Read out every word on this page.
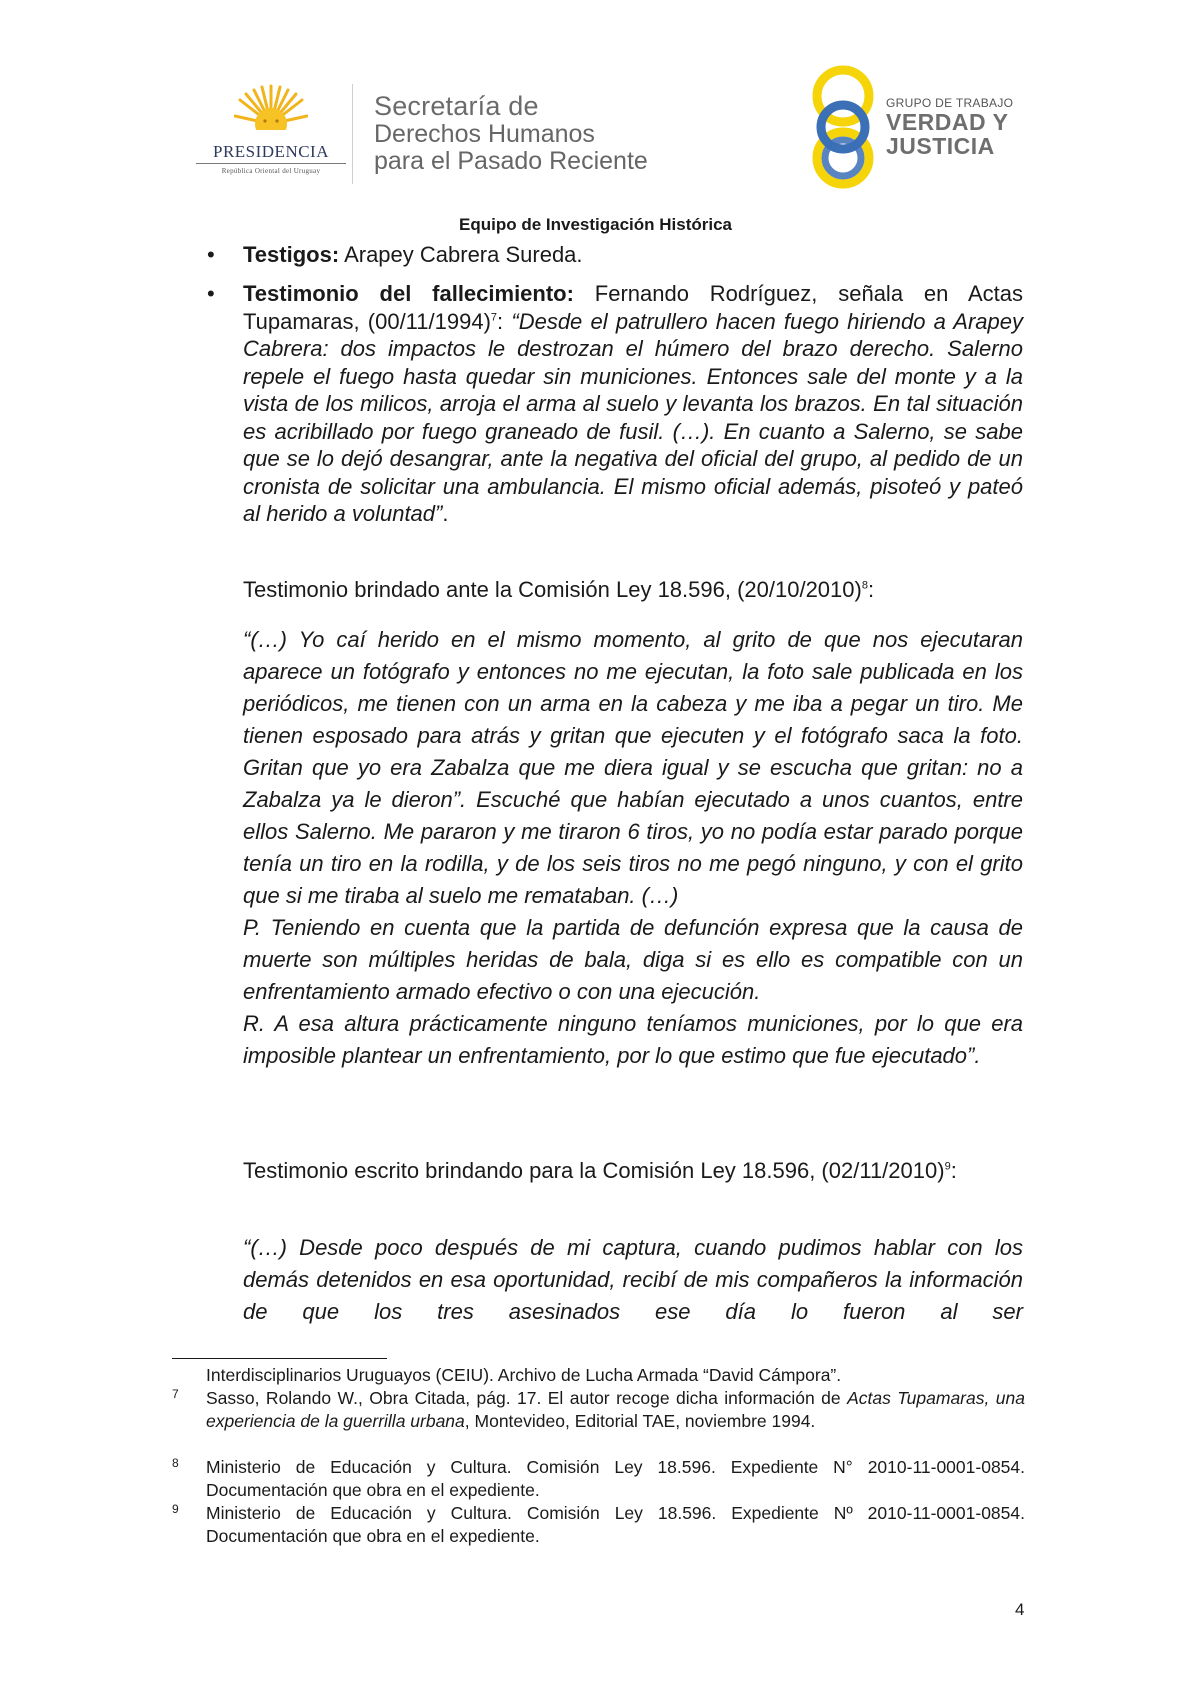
PRESIDENCIA
República Oriental del Uruguay
Secretaría de
Derechos Humanos
para el Pasado Reciente
GRUPO DE TRABAJO
VERDAD Y
JUSTICIA
Equipo de Investigación Histórica
• Testigos: Arapey Cabrera Sureda.
• Testimonio del fallecimiento: Fernando Rodríguez, señala en Actas Tupamaras, $(00/11/1994)^7$: “Desde el patrullero hacen fuego hiriendo a Arapey Cabrera: dos impactos le destrozan el húmero del brazo derecho. Salerno repele el fuego hasta quedar sin municiones. Entonces sale del monte y a la vista de los milicos, arroja el arma al suelo y levanta los brazos. En tal situación es acribillado por fuego graneado de fusil. (…). En cuanto a Salerno, se sabe que se lo dejó desangrar, ante la negativa del oficial del grupo, al pedido de un cronista de solicitar una ambulancia. El mismo oficial además, pisoteó y pateó al herido a voluntad”.
Testimonio brindado ante la Comisión Ley 18.596, $(20/10/2010)^8$:

“(…) Yo caí herido en el mismo momento, al grito de que nos ejecutaran aparece un fotógrafo y entonces no me ejecutan, la foto sale publicada en los periódicos, me tienen con un arma en la cabeza y me iba a pegar un tiro. Me tienen esposado para atrás y gritan que ejecuten y el fotógrafo saca la foto. Gritan que yo era Zabalza que me diera igual y se escucha que gritan: no a Zabalza ya le dieron”. Escuché que habían ejecutado a unos cuantos, entre ellos Salerno. Me pararon y me tiraron 6 tiros, yo no podía estar parado porque tenía un tiro en la rodilla, y de los seis tiros no me pegó ninguno, y con el grito que si me tiraba al suelo me remataban. (…)

P. Teniendo en cuenta que la partida de defunción expresa que la causa de muerte son múltiples heridas de bala, diga si es ello es compatible con un enfrentamiento armado efectivo o con una ejecución.

R. A esa altura prácticamente ninguno teníamos municiones, por lo que era imposible plantear un enfrentamiento, por lo que estimo que fue ejecutado”.

Testimonio escrito brindando para la Comisión Ley 18.596, $(02/11/2010)^9$:

“(…) Desde poco después de mi captura, cuando pudimos hablar con los demás detenidos en esa oportunidad, recibí de mis compañeros la información de que los tres asesinados ese día lo fueron al ser

Interdisciplinarios Uruguayos (CEIU). Archivo de Lucha Armada “David Cámpora”.
7 Sasso, Rolando W., Obra Citada, pág. 17. El autor recoge dicha información de Actas Tupamaras, una experiencia de la guerrilla urbana, Montevideo, Editorial TAE, noviembre 1994.
8 Ministerio de Educación y Cultura. Comisión Ley 18.596. Expediente N° 2010-11-0001-0854. Documentación que obra en el expediente.
9 Ministerio de Educación y Cultura. Comisión Ley 18.596. Expediente Nº 2010-11-0001-0854. Documentación que obra en el expediente.
4
